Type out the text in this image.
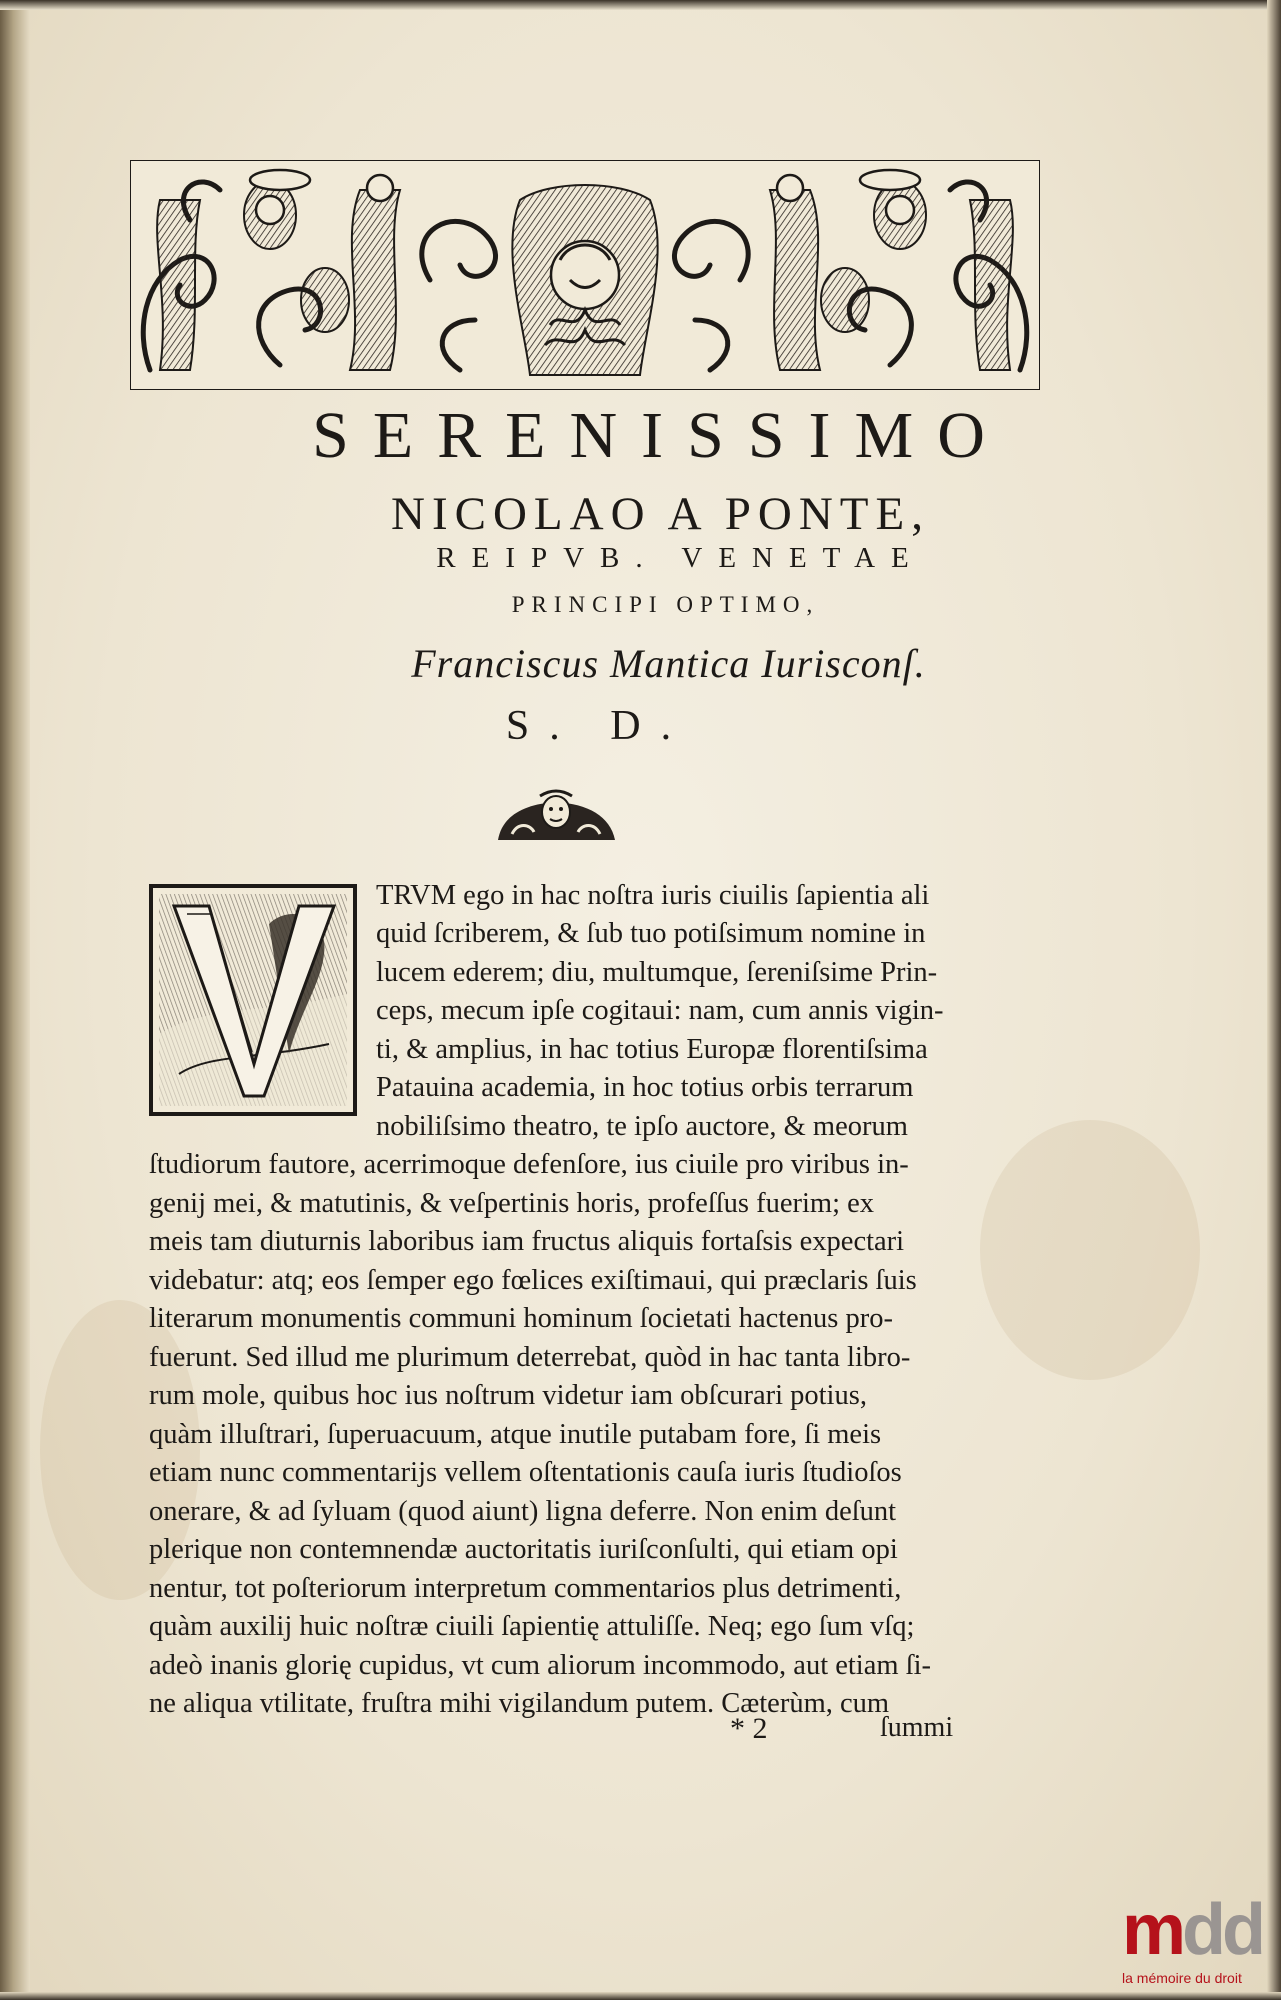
SERENISSIMO
NICOLAO A PONTE,
REIPVB. VENETAE
PRINCIPI OPTIMO,
Franciscus Mantica Iurisconſ.
S. D.
TRVM ego in hac noſtra iuris ciuilis ſapientia ali
quid ſcriberem, & ſub tuo potiſsimum nomine in
lucem ederem; diu, multumque, ſereniſsime Prin-
ceps, mecum ipſe cogitaui: nam, cum annis vigin-
ti, & amplius, in hac totius Europæ florentiſsima
Patauina academia, in hoc totius orbis terrarum
nobiliſsimo theatro, te ipſo auctore, & meorum
ſtudiorum fautore, acerrimoque defenſore, ius ciuile pro viribus in-
genij mei, & matutinis, & veſpertinis horis, profeſſus fuerim; ex
meis tam diuturnis laboribus iam fructus aliquis fortaſsis expectari
videbatur: atq; eos ſemper ego fœlices exiſtimaui, qui præclaris ſuis
literarum monumentis communi hominum ſocietati hactenus pro-
fuerunt. Sed illud me plurimum deterrebat, quòd in hac tanta libro-
rum mole, quibus hoc ius noſtrum videtur iam obſcurari potius,
quàm illuſtrari, ſuperuacuum, atque inutile putabam fore, ſi meis
etiam nunc commentarijs vellem oſtentationis cauſa iuris ſtudioſos
onerare, & ad ſyluam (quod aiunt) ligna deferre. Non enim deſunt
plerique non contemnendæ auctoritatis iuriſconſulti, qui etiam opi
nentur, tot poſteriorum interpretum commentarios plus detrimenti,
quàm auxilij huic noſtræ ciuili ſapientię attuliſſe. Neq; ego ſum vſq;
adeò inanis glorię cupidus, vt cum aliorum incommodo, aut etiam ſi-
ne aliqua vtilitate, fruſtra mihi vigilandum putem. Cæterùm, cum
* 2	ſummi
mdd
la mémoire du droit
